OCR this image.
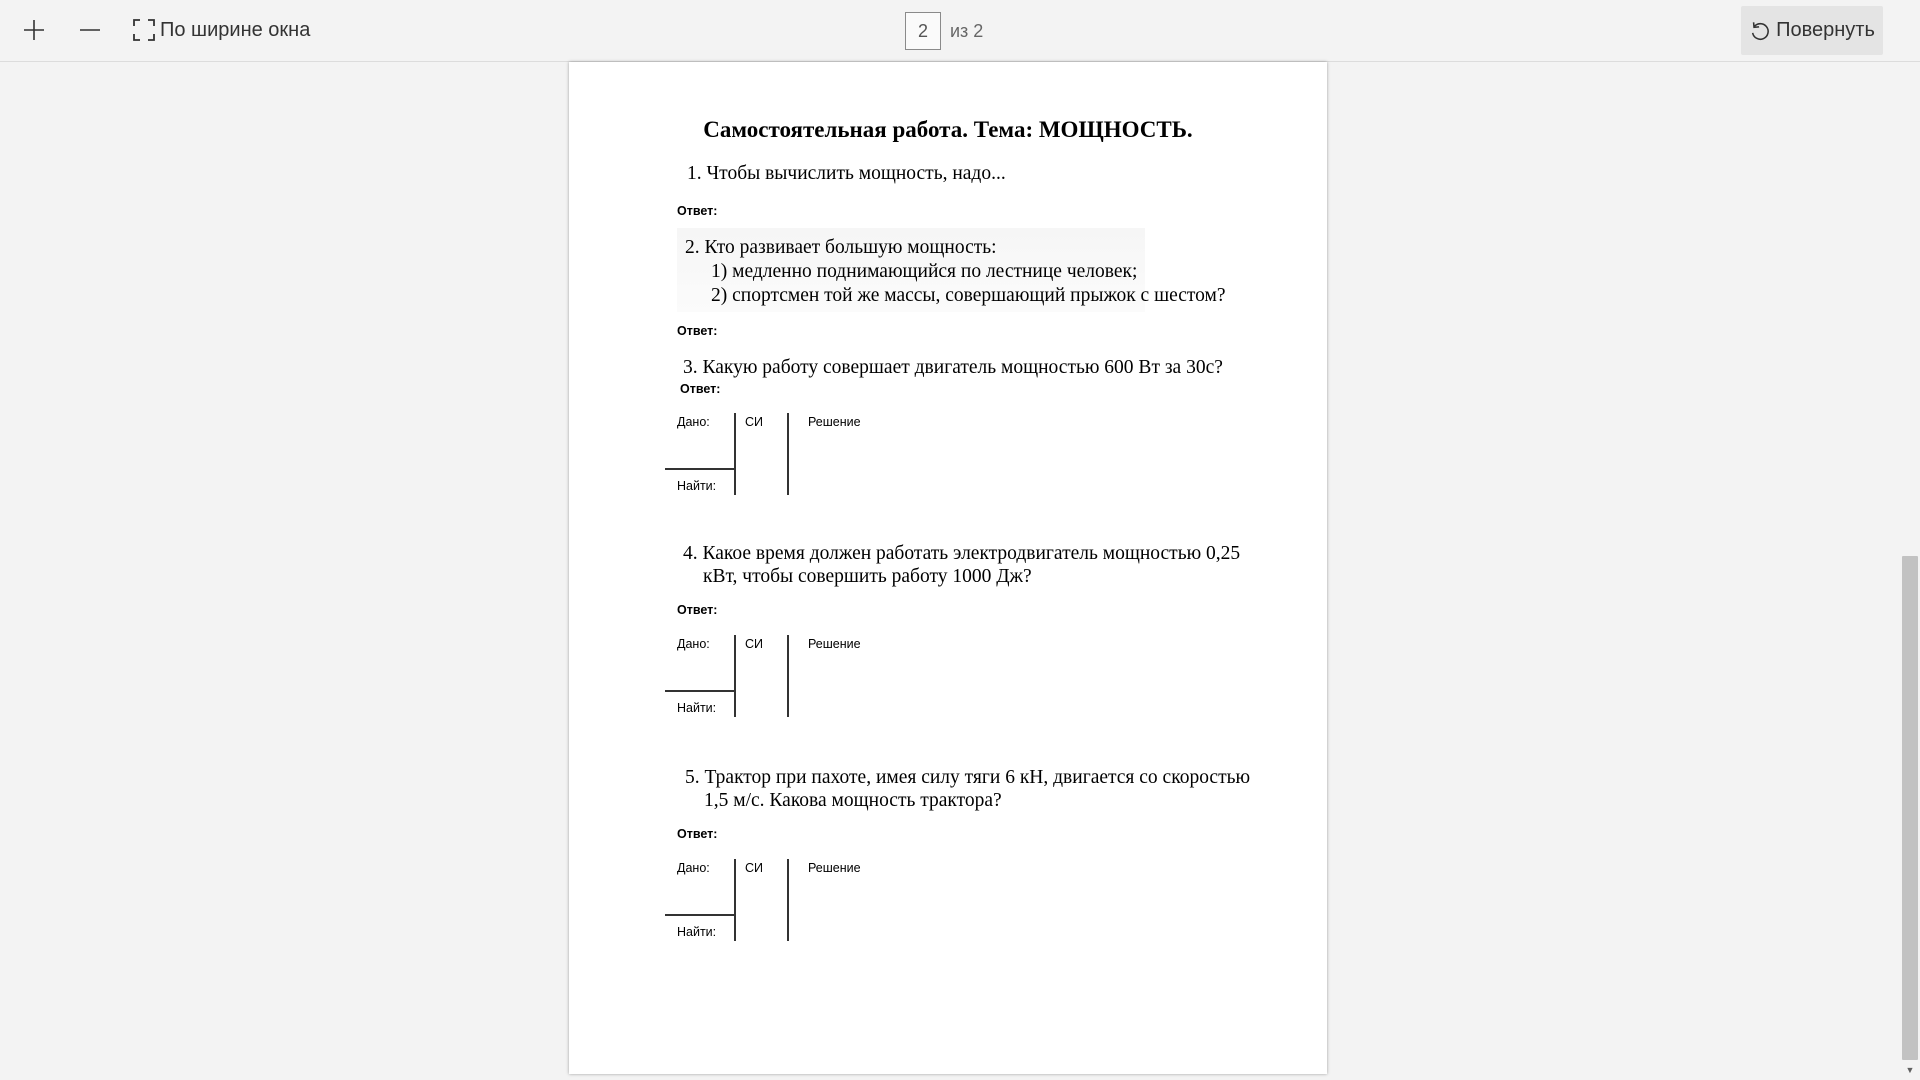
По ширине окна
2	из 2	Повернуть
Самостоятельная работа. Тема: МОЩНОСТЬ.
1. Чтобы вычислить мощность, надо...
Ответ:
2. Кто развивает большую мощность:
1) медленно поднимающийся по лестнице человек;
2) спортсмен той же массы, совершающий прыжок с шестом?
Ответ:
3. Какую работу совершает двигатель мощностью 600 Вт за 30с?
Ответ:
Дано:	СИ	Решение
Найти:
4. Какое время должен работать электродвигатель мощностью 0,25
кВт, чтобы совершить работу 1000 Дж?
Ответ:
Дано:	СИ	Решение
Найти:
5. Трактор при пахоте, имея силу тяги 6 кН, двигается со скоростью
1,5 м/с. Какова мощность трактора?
Ответ:
Дано:	СИ	Решение
Найти:
▼
